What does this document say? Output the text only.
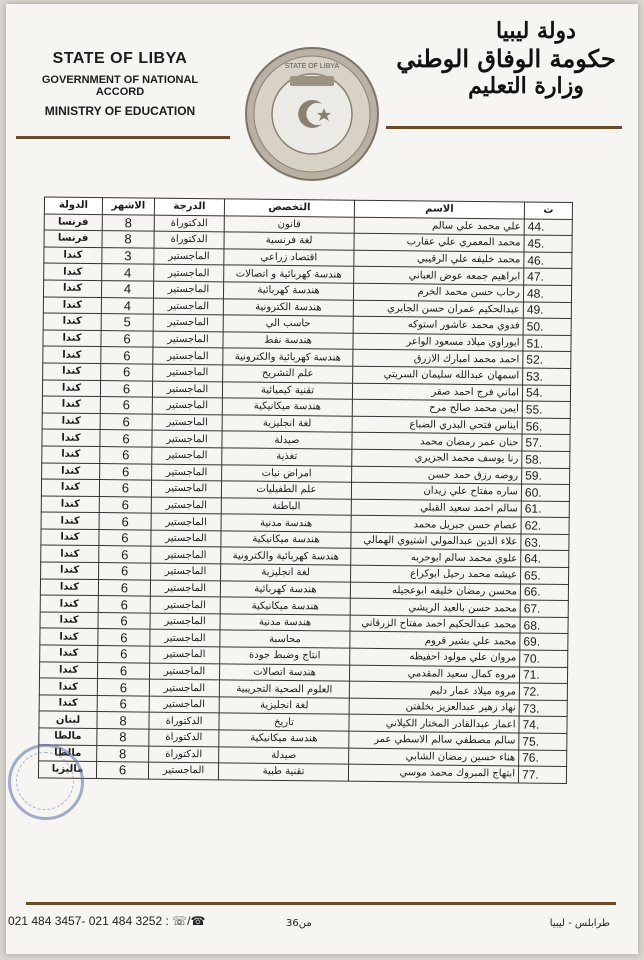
STATE OF LIBYA
GOVERNMENT OF NATIONAL ACCORD
MINISTRY OF EDUCATION
STATE OF LIBYA
دولة ليبيا
حكومة الوفاق الوطني
وزارة التعليم
ت	الاسم	التخصص	الدرجة	الاشهر	الدولة
44.	علي محمد علي سالم	قانون	الدكتوراة	8	فرنسا
45.	محمد المعمري علي عقارب	لغة فرنسية	الدكتوراة	8	فرنسا
46.	محمد خليفه علي الرقيبي	اقتصاد زراعي	الماجستير	3	كندا
47.	ابراهيم جمعه عوض العباني	هندسة كهربائية و اتصالات	الماجستير	4	كندا
48.	رحاب حسن محمد الخرم	هندسة كهربائية	الماجستير	4	كندا
49.	عبدالحكيم عمران حسن الجابري	هندسة الكترونية	الماجستير	4	كندا
50.	فدوي محمد عاشور استوكه	حاسب الي	الماجستير	5	كندا
51.	ابوراوي ميلاد مسعود الواعر	هندسة نفط	الماجستير	6	كندا
52.	احمد محمد امبارك الازرق	هندسة كهربائية والكترونية	الماجستير	6	كندا
53.	اسمهان عبدالله سليمان السريتي	علم التشريح	الماجستير	6	كندا
54.	اماني فرج احمد صقر	تقنية كيميائية	الماجستير	6	كندا
55.	ايمن محمد صالح مرح	هندسة ميكانيكية	الماجستير	6	كندا
56.	ايناس فتحي البدري الضباع	لغة انجليزية	الماجستير	6	كندا
57.	حنان عمر رمضان محمد	صيدلة	الماجستير	6	كندا
58.	رنا يوسف محمد الجزيري	تغذية	الماجستير	6	كندا
59.	روضه رزق حمد حسن	امراض نبات	الماجستير	6	كندا
60.	ساره مفتاح علي زيدان	علم الطفيليات	الماجستير	6	كندا
61.	سالم احمد سعيد القبلي	الباطنة	الماجستير	6	كندا
62.	عصام حسن جبريل محمد	هندسة مدنية	الماجستير	6	كندا
63.	علاء الدين عبدالمولي اشتيوي الهمالي	هندسة ميكانيكية	الماجستير	6	كندا
64.	علوي محمد سالم ابوحربه	هندسة كهربائية والكترونية	الماجستير	6	كندا
65.	عيشه محمد رحيل ابوكراع	لغة انجليزية	الماجستير	6	كندا
66.	محسن رمضان خليفه ابوعجيله	هندسة كهربائية	الماجستير	6	كندا
67.	محمد حسن بالعيد الريشي	هندسة ميكانيكية	الماجستير	6	كندا
68.	محمد عبدالحكيم احمد مفتاح الزرقاني	هندسة مدنية	الماجستير	6	كندا
69.	محمد علي بشير قروم	محاسبة	الماجستير	6	كندا
70.	مروان علي مولود احفيظه	انتاج وضبط جودة	الماجستير	6	كندا
71.	مروه كمال سعيد المقدمي	هندسة اتصالات	الماجستير	6	كندا
72.	مروه ميلاد عمار دليم	العلوم الصحية التجريبية	الماجستير	6	كندا
73.	نهاد زهير عبدالعزيز بخلفتن	لغة انجليزية	الماجستير	6	كندا
74.	اعمار عبدالقادر المختار الكيلاني	تاريخ	الدكتوراة	8	لبنان
75.	سالم مصطفي سالم الاسطي عمر	هندسة ميكانيكية	الدكتوراة	8	مالطا
76.	هناء حسين رمضان الشابي	صيدلة	الدكتوراة	8	مالطا
77.	ابتهاج المبروك محمد موسي	تقنية طبية	الماجستير	6	ماليزيا
021 484 3457- 021 484 3252 : ☏/☎	3من6	طرابلس - ليبيا
